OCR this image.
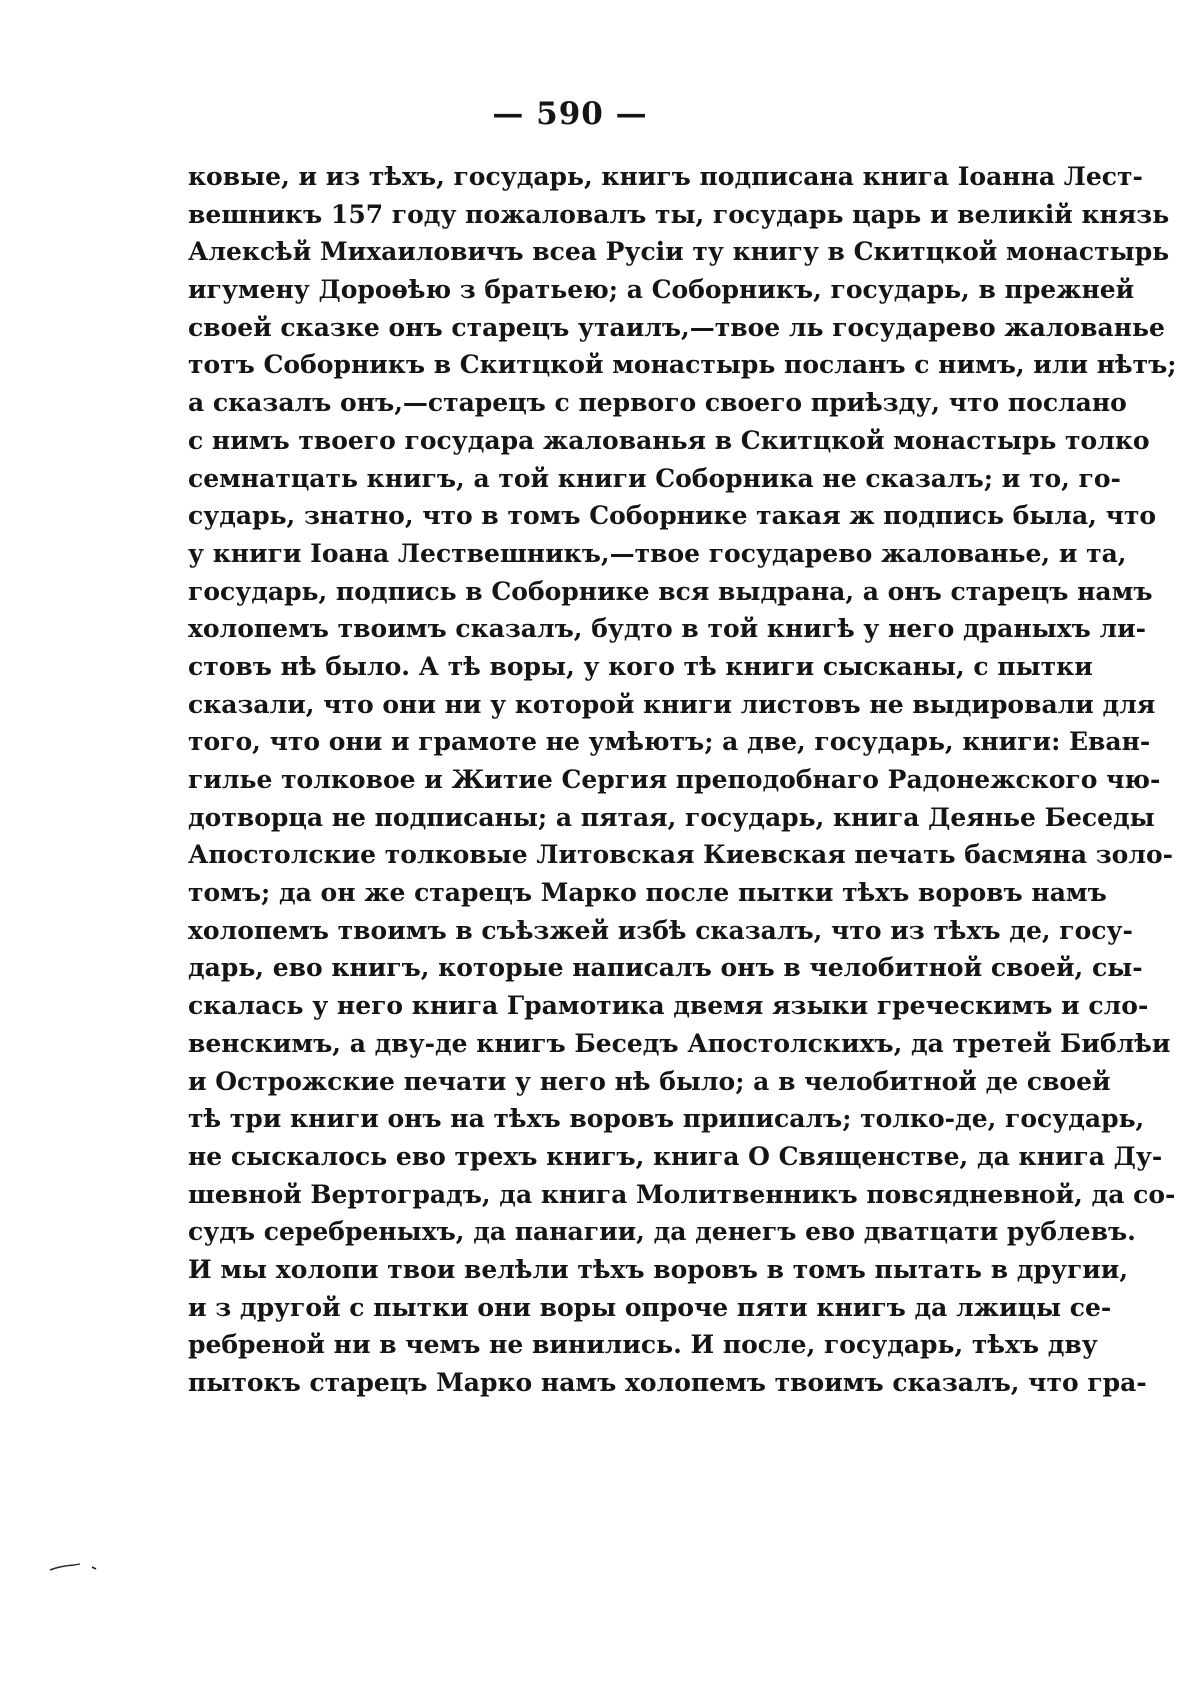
— 590 —
ковые, и из тѣхъ, государь, книгъ подписана книга Іоанна Лест-
вешникъ 157 году пожаловалъ ты, государь царь и великій князь
Алексѣй Михаиловичъ всеа Русіи ту книгу в Скитцкой монастырь
игумену Дороѳѣю з братьею; а Соборникъ, государь, в прежней
своей сказке онъ старецъ утаилъ,—твое ль государево жалованье
тотъ Соборникъ в Скитцкой монастырь посланъ с нимъ, или нѣтъ;
а сказалъ онъ,—старецъ с первого своего приѣзду, что послано
с нимъ твоего государа жалованья в Скитцкой монастырь толко
семнатцать книгъ, а той книги Соборника не сказалъ; и то, го-
сударь, знатно, что в томъ Соборнике такая ж подпись была, что
у книги Іоана Лествешникъ,—твое государево жалованье, и та,
государь, подпись в Соборнике вся выдрана, а онъ старецъ намъ
холопемъ твоимъ сказалъ, будто в той книгѣ у него драныхъ ли-
стовъ нѣ было. А тѣ воры, у кого тѣ книги сысканы, с пытки
сказали, что они ни у которой книги листовъ не выдировали для
того, что они и грамоте не умѣютъ; а две, государь, книги: Еван-
гилье толковое и Житие Сергия преподобнаго Радонежского чю-
дотворца не подписаны; а пятая, государь, книга Деянье Беседы
Апостолские толковые Литовская Киевская печать басмяна золо-
томъ; да он же старецъ Марко после пытки тѣхъ воровъ намъ
холопемъ твоимъ в съѣзжей избѣ сказалъ, что из тѣхъ де, госу-
дарь, ево книгъ, которые написалъ онъ в челобитной своей, сы-
скалась у него книга Грамотика двемя языки греческимъ и сло-
венскимъ, а дву-де книгъ Беседъ Апостолскихъ, да третей Библѣи
и Острожские печати у него нѣ было; а в челобитной де своей
тѣ три книги онъ на тѣхъ воровъ приписалъ; толко-де, государь,
не сыскалось ево трехъ книгъ, книга О Священстве, да книга Ду-
шевной Вертоградъ, да книга Молитвенникъ повсядневной, да со-
судъ серебреныхъ, да панагии, да денегъ ево дватцати рублевъ.
И мы холопи твои велѣли тѣхъ воровъ в томъ пытать в другии,
и з другой с пытки они воры опроче пяти книгъ да лжицы се-
ребреной ни в чемъ не винились. И после, государь, тѣхъ дву
пытокъ старецъ Марко намъ холопемъ твоимъ сказалъ, что гра-
